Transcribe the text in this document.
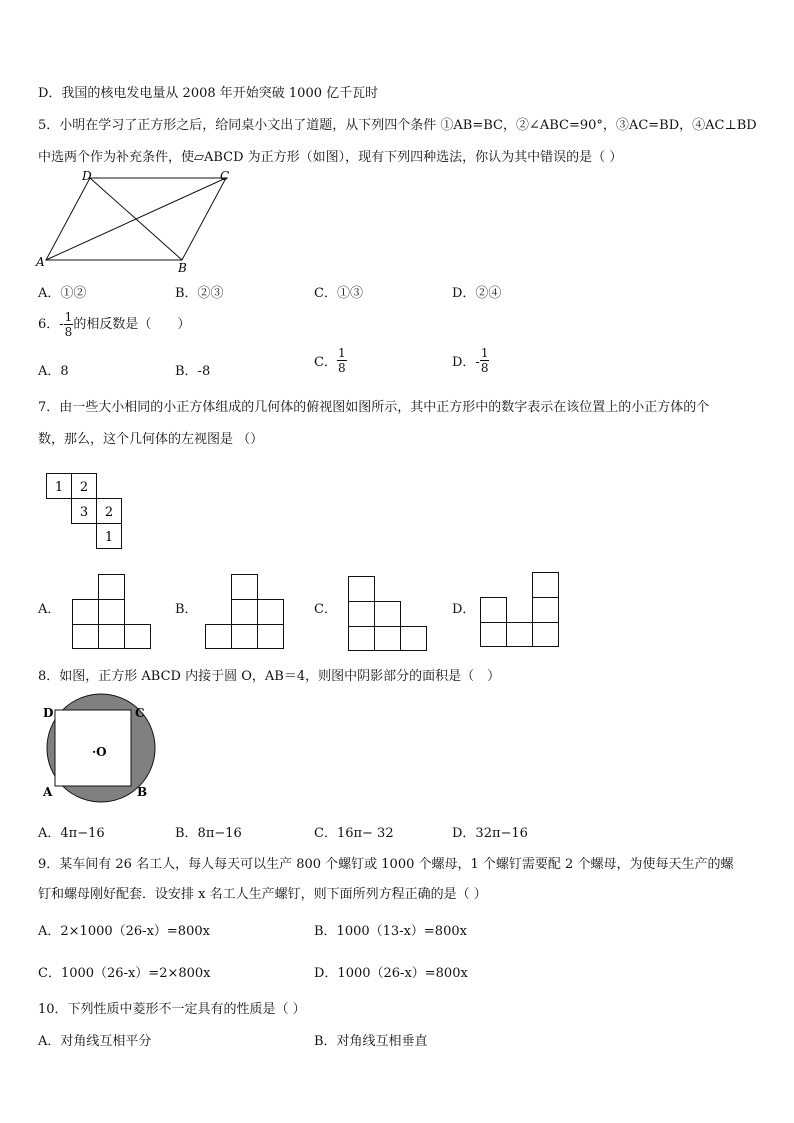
D．我国的核电发电量从 2008 年开始突破 1000 亿千瓦时
5．小明在学习了正方形之后，给同桌小文出了道题，从下列四个条件 ①AB=BC，②∠ABC=90°，③AC=BD，④AC⊥BD
中选两个作为补充条件，使▱ABCD 为正方形（如图），现有下列四种选法，你认为其中错误的是（ ）
A	B
C
D
A．①②	B．②③	C．①③	D．②④
6．- $\frac{1}{8}$ 的相反数是（　　）
A．8	B．-8
C． $\frac{1}{8}$	D．- $\frac{1}{8}$
7．由一些大小相同的小正方体组成的几何体的俯视图如图所示，其中正方形中的数字表示在该位置上的小正方体的个
数，那么，这个几何体的左视图是 （）
1 2
3 2
1
A．	B．	C．	D．
8．如图，正方形 ABCD 内接于圆 O，AB＝4，则图中阴影部分的面积是（　）
·O
D	C
A	B
A．4π−16	B．8π−16	C．16π− 32	D．32π−16
9．某车间有 26 名工人，每人每天可以生产 800 个螺钉或 1000 个螺母，1 个螺钉需要配 2 个螺母，为使每天生产的螺
钉和螺母刚好配套．设安排 x 名工人生产螺钉，则下面所列方程正确的是（ ）
A．2×1000（26-x）=800x	B．1000（13-x）=800x
C．1000（26-x）=2×800x	D．1000（26-x）=800x
10．下列性质中菱形不一定具有的性质是（ ）
A．对角线互相平分	B．对角线互相垂直
